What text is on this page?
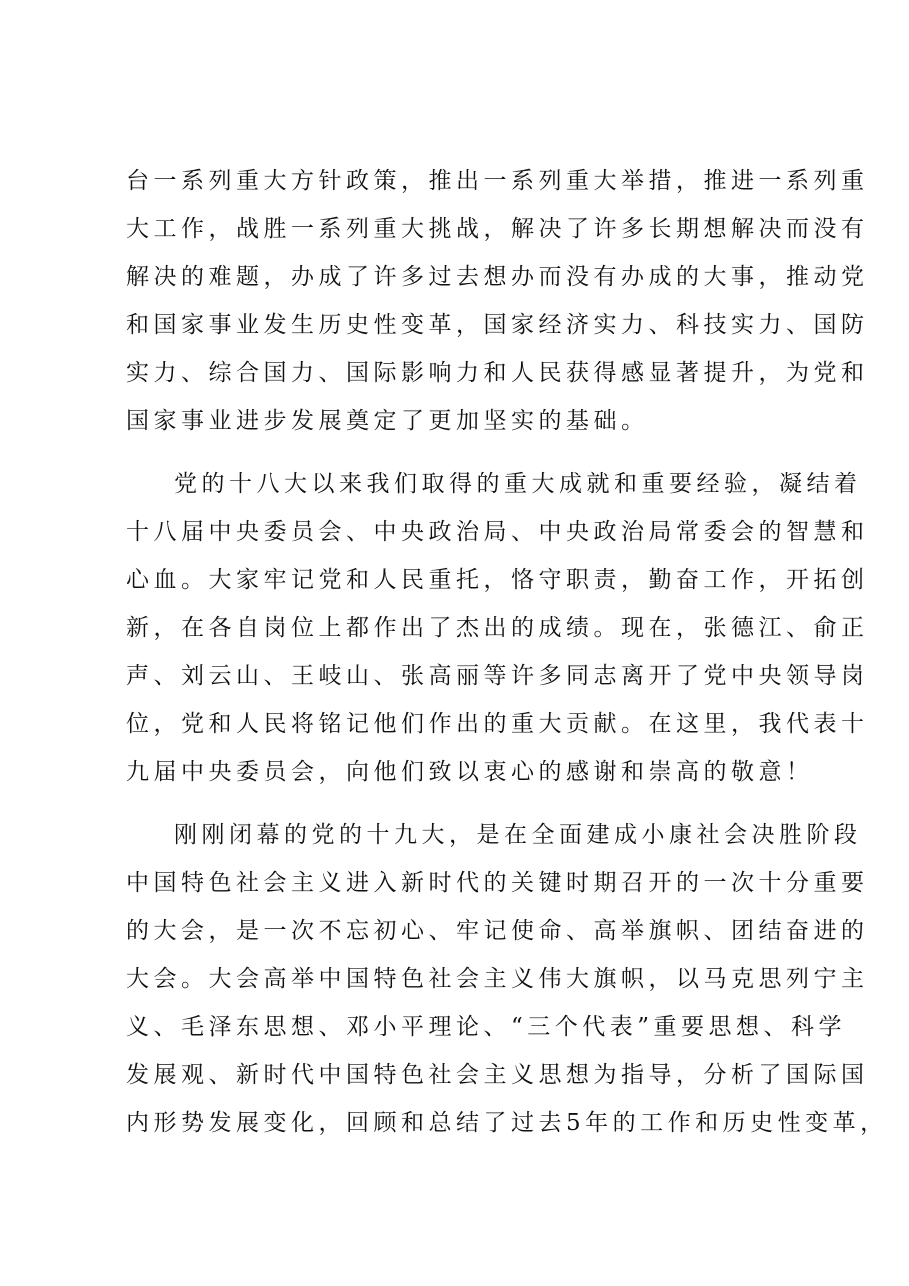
台一系列重大方针政策，推出一系列重大举措，推进一系列重
大工作，战胜一系列重大挑战，解决了许多长期想解决而没有
解决的难题，办成了许多过去想办而没有办成的大事，推动党
和国家事业发生历史性变革，国家经济实力、科技实力、国防
实力、综合国力、国际影响力和人民获得感显著提升，为党和
国家事业进步发展奠定了更加坚实的基础。
党的十八大以来我们取得的重大成就和重要经验，凝结着
十八届中央委员会、中央政治局、中央政治局常委会的智慧和
心血。大家牢记党和人民重托，恪守职责，勤奋工作，开拓创
新，在各自岗位上都作出了杰出的成绩。现在，张德江、俞正
声、刘云山、王岐山、张高丽等许多同志离开了党中央领导岗
位，党和人民将铭记他们作出的重大贡献。在这里，我代表十
九届中央委员会，向他们致以衷心的感谢和崇高的敬意！
刚刚闭幕的党的十九大，是在全面建成小康社会决胜阶段
中国特色社会主义进入新时代的关键时期召开的一次十分重要
的大会，是一次不忘初心、牢记使命、高举旗帜、团结奋进的
大会。大会高举中国特色社会主义伟大旗帜，以马克思列宁主
义、毛泽东思想、邓小平理论、“三个代表”重要思想、科学
发展观、新时代中国特色社会主义思想为指导，分析了国际国
内形势发展变化，回顾和总结了过去5年的工作和历史性变革，
